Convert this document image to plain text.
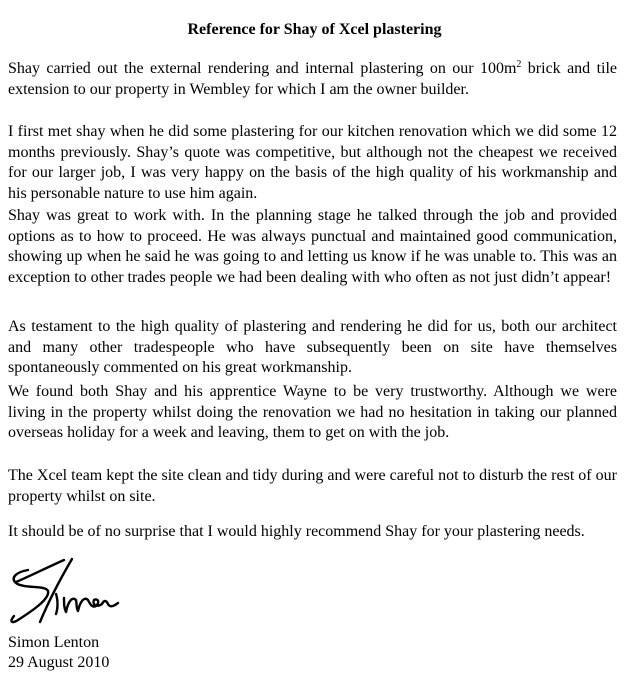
Reference for Shay of Xcel plastering

Shay carried out the external rendering and internal plastering on our $100m^2$ brick and tile extension to our property in Wembley for which I am the owner builder.

I first met shay when he did some plastering for our kitchen renovation which we did some 12 months previously. Shay’s quote was competitive, but although not the cheapest we received for our larger job, I was very happy on the basis of the high quality of his workmanship and his personable nature to use him again.

Shay was great to work with. In the planning stage he talked through the job and provided options as to how to proceed. He was always punctual and maintained good communication, showing up when he said he was going to and letting us know if he was unable to. This was an exception to other trades people we had been dealing with who often as not just didn’t appear!

As testament to the high quality of plastering and rendering he did for us, both our architect and many other tradespeople who have subsequently been on site have themselves spontaneously commented on his great workmanship.

We found both Shay and his apprentice Wayne to be very trustworthy. Although we were living in the property whilst doing the renovation we had no hesitation in taking our planned overseas holiday for a week and leaving, them to get on with the job.

The Xcel team kept the site clean and tidy during and were careful not to disturb the rest of our property whilst on site.

It should be of no surprise that I would highly recommend Shay for your plastering needs.

Simon Lenton

29 August 2010
